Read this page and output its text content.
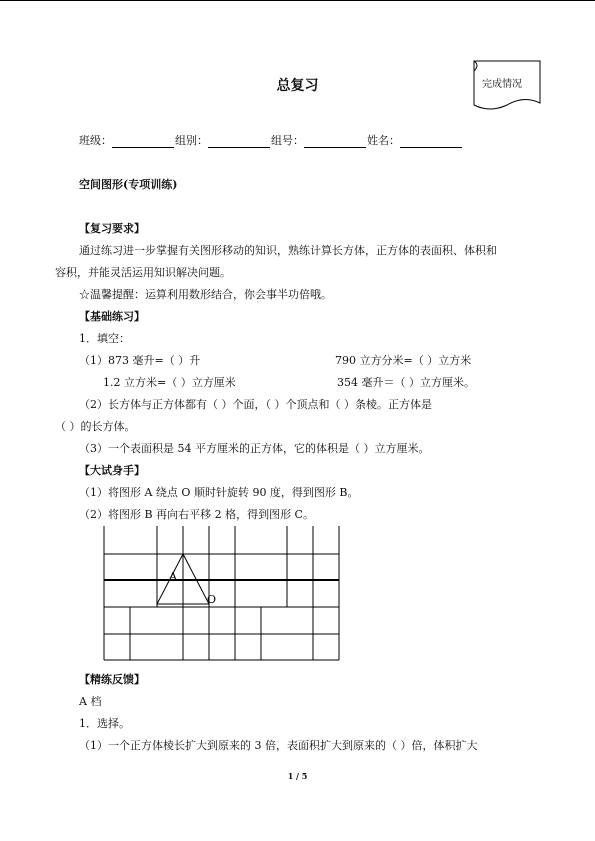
完成情况
总复习
班级：	组别：	组号：	姓名：
空间图形(专项训练)
【复习要求】
通过练习进一步掌握有关图形移动的知识，熟练计算长方体，正方体的表面积、体积和
容积，并能灵活运用知识解决问题。
☆温馨提醒：运算利用数形结合，你会事半功倍哦。
【基础练习】
1．填空：
（1）873 毫升=（ ）升	790 立方分米=（ ）立方米
1.2 立方米=（ ）立方厘米	354 毫升＝（ ）立方厘米。
（2）长方体与正方体都有（ ）个面，（ ）个顶点和（ ）条棱。正方体是
（ ）的长方体。
（3）一个表面积是 54 平方厘米的正方体，它的体积是（ ）立方厘米。
【大试身手】
（1）将图形 A 绕点 O 顺时针旋转 90 度，得到图形 B。
（2）将图形 B 再向右平移 2 格，得到图形 C。
A
O
【精练反馈】
A 档
1．选择。
（1）一个正方体棱长扩大到原来的 3 倍，表面积扩大到原来的（ ）倍，体积扩大
1 / 5
